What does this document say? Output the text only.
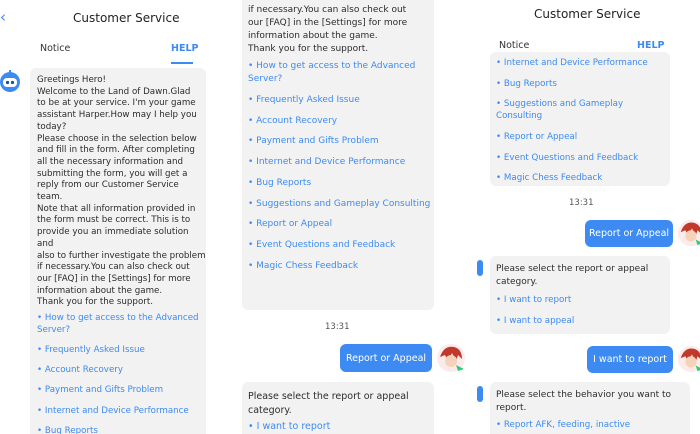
‹	Customer Service
Notice	HELP
Greetings Hero!
Welcome to the Land of Dawn.Glad
to be at your service. I'm your game
assistant Harper.How may I help you
today?
Please choose in the selection below
and fill in the form. After completing
all the necessary information and
submitting the form, you will get a
reply from our Customer Service team.
Note that all information provided in
the form must be correct. This is to
provide you an immediate solution and
also to further investigate the problem
if necessary.You can also check out
our [FAQ] in the [Settings] for more
information about the game.
Thank you for the support.
• How to get access to the Advanced Server?
• Frequently Asked Issue
• Account Recovery
• Payment and Gifts Problem
• Internet and Device Performance
• Bug Reports
if necessary.You can also check out
our [FAQ] in the [Settings] for more
information about the game.
Thank you for the support.
• How to get access to the Advanced
Server?
• Frequently Asked Issue
• Account Recovery
• Payment and Gifts Problem
• Internet and Device Performance
• Bug Reports
• Suggestions and Gameplay Consulting
• Report or Appeal
• Event Questions and Feedback
• Magic Chess Feedback
13:31
Report or Appeal
Please select the report or appeal
category.
• I want to report
Customer Service
Notice	HELP
• Internet and Device Performance
• Bug Reports
• Suggestions and Gameplay Consulting
• Report or Appeal
• Event Questions and Feedback
• Magic Chess Feedback
13:31
Report or Appeal
Please select the report or appeal
category.
• I want to report
• I want to appeal
I want to report
Please select the behavior you want to
report.
• Report AFK, feeding, inactive
